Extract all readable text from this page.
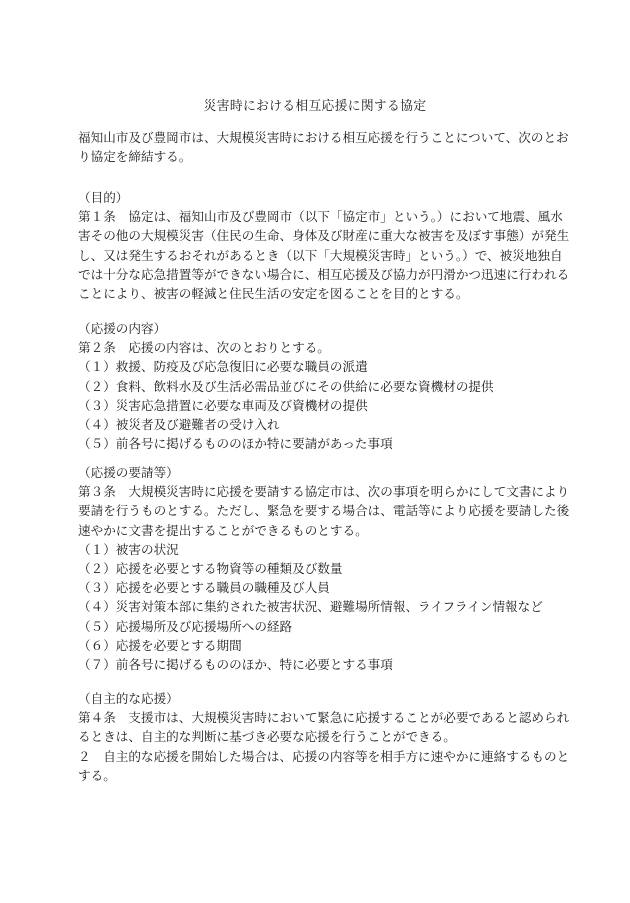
災害時における相互応援に関する協定
福知山市及び豊岡市は、大規模災害時における相互応援を行うことについて、次のとお
り協定を締結する。
（目的）
第１条　協定は、福知山市及び豊岡市（以下「協定市」という。）において地震、風水
害その他の大規模災害（住民の生命、身体及び財産に重大な被害を及ぼす事態）が発生
し、又は発生するおそれがあるとき（以下「大規模災害時」という。）で、被災地独自
では十分な応急措置等ができない場合に、相互応援及び協力が円滑かつ迅速に行われる
ことにより、被害の軽減と住民生活の安定を図ることを目的とする。
（応援の内容）
第２条　応援の内容は、次のとおりとする。
（１）救援、防疫及び応急復旧に必要な職員の派遣
（２）食料、飲料水及び生活必需品並びにその供給に必要な資機材の提供
（３）災害応急措置に必要な車両及び資機材の提供
（４）被災者及び避難者の受け入れ
（５）前各号に掲げるもののほか特に要請があった事項
（応援の要請等）
第３条　大規模災害時に応援を要請する協定市は、次の事項を明らかにして文書により
要請を行うものとする。ただし、緊急を要する場合は、電話等により応援を要請した後
速やかに文書を提出することができるものとする。
（１）被害の状況
（２）応援を必要とする物資等の種類及び数量
（３）応援を必要とする職員の職種及び人員
（４）災害対策本部に集約された被害状況、避難場所情報、ライフライン情報など
（５）応援場所及び応援場所への経路
（６）応援を必要とする期間
（７）前各号に掲げるもののほか、特に必要とする事項
（自主的な応援）
第４条　支援市は、大規模災害時において緊急に応援することが必要であると認められ
るときは、自主的な判断に基づき必要な応援を行うことができる。
２　自主的な応援を開始した場合は、応援の内容等を相手方に速やかに連絡するものと
する。
